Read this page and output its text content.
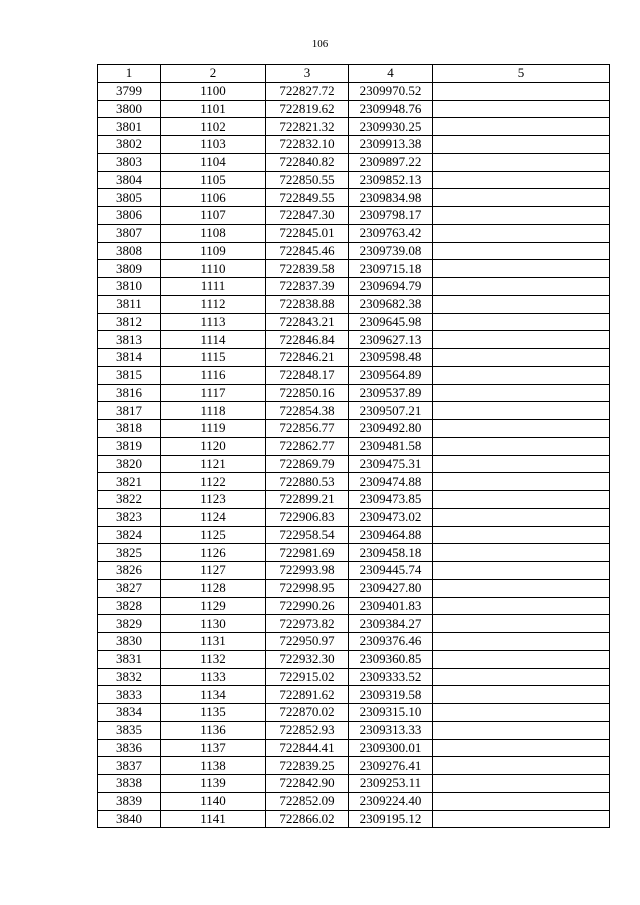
106
1	2	3	4	5
3799	1100	722827.72	2309970.52	
3800	1101	722819.62	2309948.76	
3801	1102	722821.32	2309930.25	
3802	1103	722832.10	2309913.38	
3803	1104	722840.82	2309897.22	
3804	1105	722850.55	2309852.13	
3805	1106	722849.55	2309834.98	
3806	1107	722847.30	2309798.17	
3807	1108	722845.01	2309763.42	
3808	1109	722845.46	2309739.08	
3809	1110	722839.58	2309715.18	
3810	1111	722837.39	2309694.79	
3811	1112	722838.88	2309682.38	
3812	1113	722843.21	2309645.98	
3813	1114	722846.84	2309627.13	
3814	1115	722846.21	2309598.48	
3815	1116	722848.17	2309564.89	
3816	1117	722850.16	2309537.89	
3817	1118	722854.38	2309507.21	
3818	1119	722856.77	2309492.80	
3819	1120	722862.77	2309481.58	
3820	1121	722869.79	2309475.31	
3821	1122	722880.53	2309474.88	
3822	1123	722899.21	2309473.85	
3823	1124	722906.83	2309473.02	
3824	1125	722958.54	2309464.88	
3825	1126	722981.69	2309458.18	
3826	1127	722993.98	2309445.74	
3827	1128	722998.95	2309427.80	
3828	1129	722990.26	2309401.83	
3829	1130	722973.82	2309384.27	
3830	1131	722950.97	2309376.46	
3831	1132	722932.30	2309360.85	
3832	1133	722915.02	2309333.52	
3833	1134	722891.62	2309319.58	
3834	1135	722870.02	2309315.10	
3835	1136	722852.93	2309313.33	
3836	1137	722844.41	2309300.01	
3837	1138	722839.25	2309276.41	
3838	1139	722842.90	2309253.11	
3839	1140	722852.09	2309224.40	
3840	1141	722866.02	2309195.12	
